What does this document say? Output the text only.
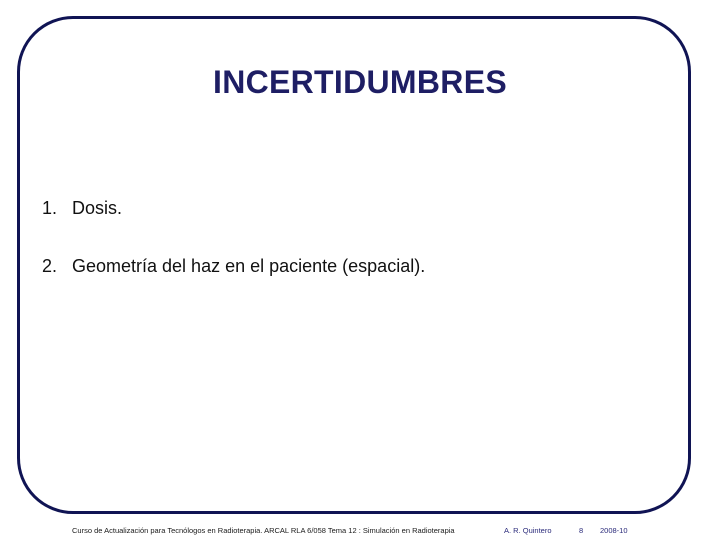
INCERTIDUMBRES
1. Dosis.
2. Geometría del haz en el paciente (espacial).
Curso de Actualización para Tecnólogos en Radioterapia. ARCAL RLA 6/058 Tema 12 : Simulación en Radioterapia	A. R. Quintero	8 2008-10
